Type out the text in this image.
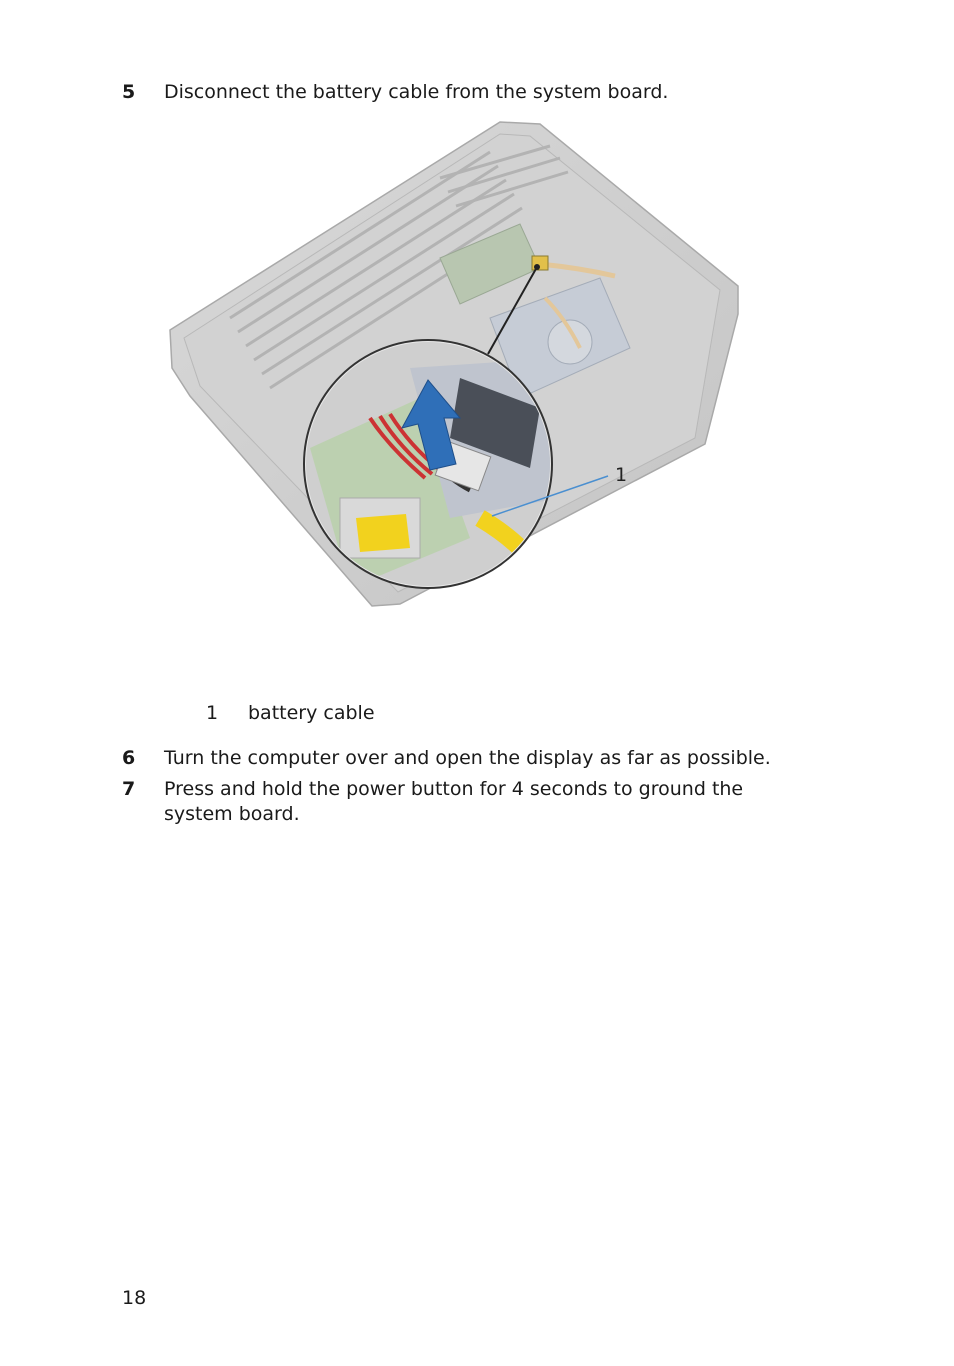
5	Disconnect the battery cable from the system board.
1
1 battery cable
6	Turn the computer over and open the display as far as possible.
7	Press and hold the power button for 4 seconds to ground the system board.
18
